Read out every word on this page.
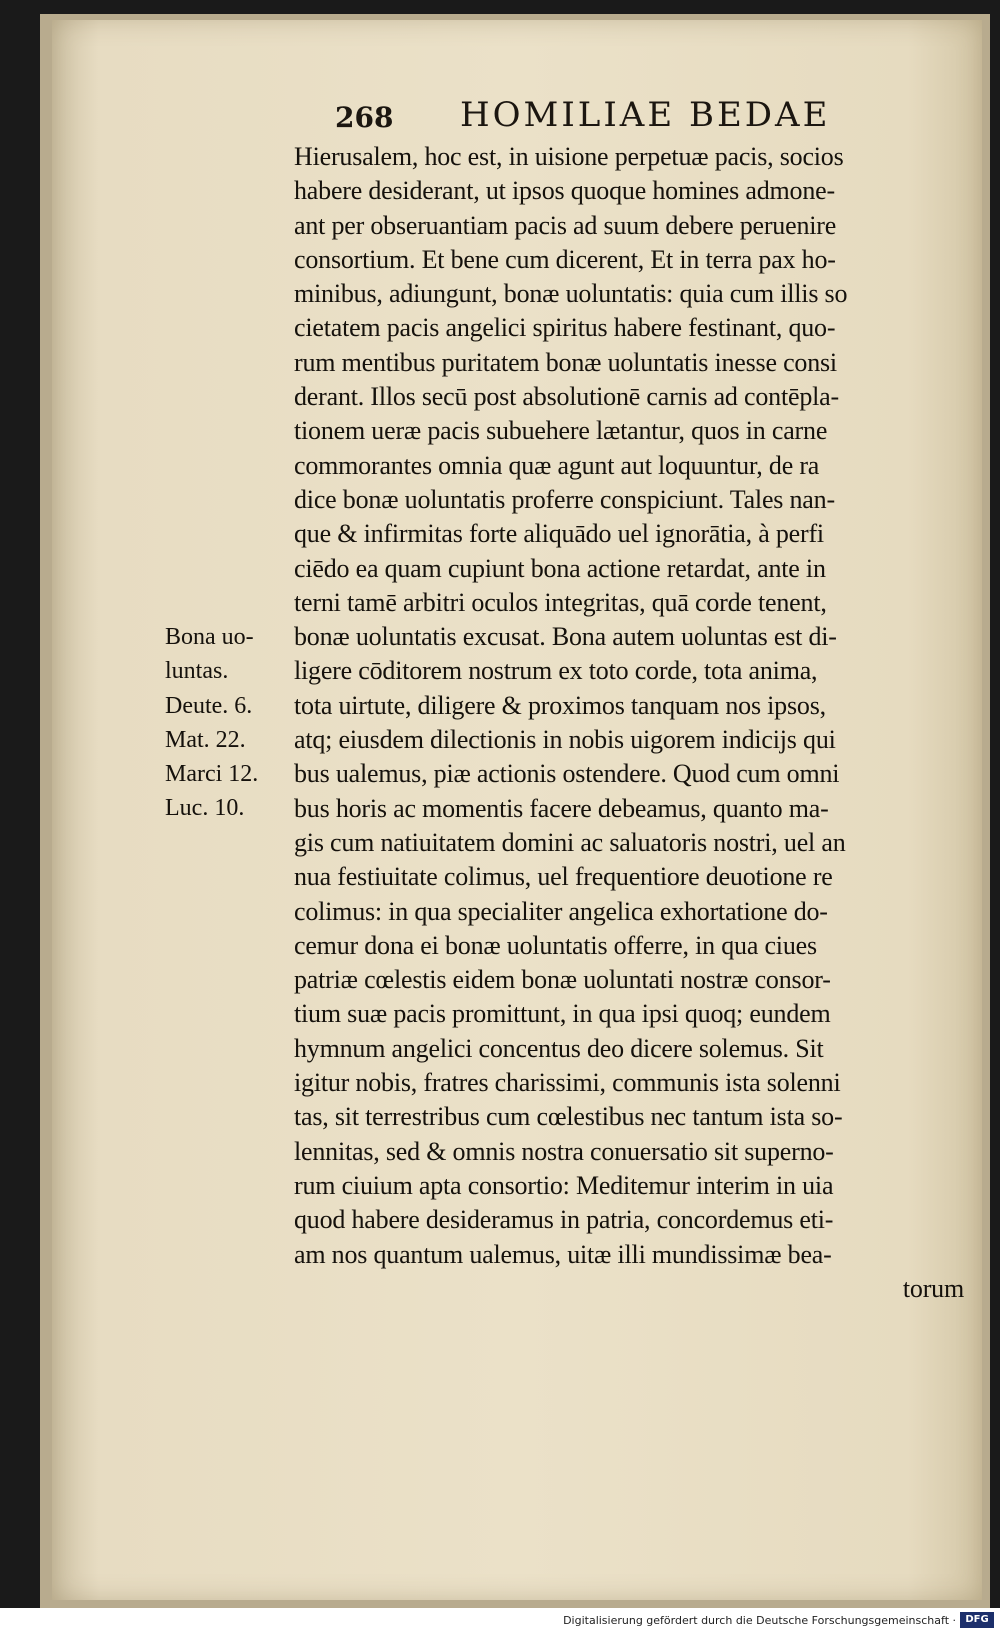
268 HOMILIAE BEDAE
Hierusalem, hoc est, in uisione perpetuæ pacis, socios
habere desiderant, ut ipsos quoque homines admone-
ant per obseruantiam pacis ad suum debere peruenire
consortium. Et bene cum dicerent, Et in terra pax ho-
minibus, adiungunt, bonæ uoluntatis: quia cum illis so
cietatem pacis angelici spiritus habere festinant, quo-
rum mentibus puritatem bonæ uoluntatis inesse consi
derant. Illos secū post absolutionē carnis ad contēpla-
tionem ueræ pacis subuehere lætantur, quos in carne
commorantes omnia quæ agunt aut loquuntur, de ra
dice bonæ uoluntatis proferre conspiciunt. Tales nan-
que & infirmitas forte aliquādo uel ignorātia, à perfi
ciēdo ea quam cupiunt bona actione retardat, ante in
terni tamē arbitri oculos integritas, quā corde tenent,
bonæ uoluntatis excusat. Bona autem uoluntas est di-
ligere cōditorem nostrum ex toto corde, tota anima,
tota uirtute, diligere & proximos tanquam nos ipsos,
atq; eiusdem dilectionis in nobis uigorem indicijs qui
bus ualemus, piæ actionis ostendere. Quod cum omni
bus horis ac momentis facere debeamus, quanto ma-
gis cum natiuitatem domini ac saluatoris nostri, uel an
nua festiuitate colimus, uel frequentiore deuotione re
colimus: in qua specialiter angelica exhortatione do-
cemur dona ei bonæ uoluntatis offerre, in qua ciues
patriæ cœlestis eidem bonæ uoluntati nostræ consor-
tium suæ pacis promittunt, in qua ipsi quoq; eundem
hymnum angelici concentus deo dicere solemus. Sit
igitur nobis, fratres charissimi, communis ista solenni
tas, sit terrestribus cum cœlestibus nec tantum ista so-
lennitas, sed & omnis nostra conuersatio sit superno-
rum ciuium apta consortio: Meditemur interim in uia
quod habere desideramus in patria, concordemus eti-
am nos quantum ualemus, uitæ illi mundissimæ bea-
torum
Bona uo-
luntas.
Deute. 6.
Mat. 22.
Marci 12.
Luc. 10.
Digitalisierung gefördert durch die Deutsche Forschungsgemeinschaft · DFG
